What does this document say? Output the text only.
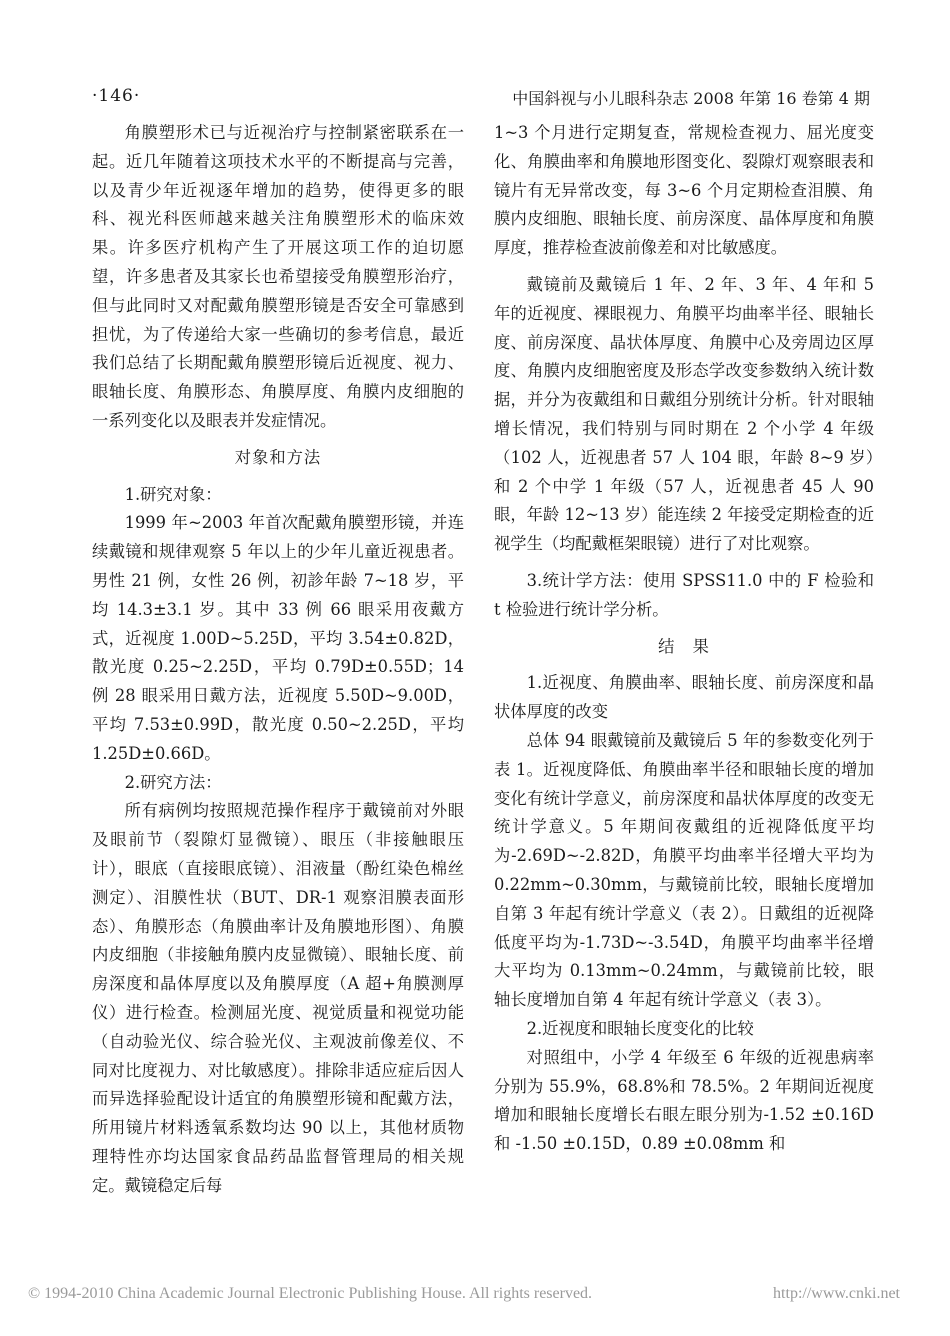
·146·	中国斜视与小儿眼科杂志 2008 年第 16 卷第 4 期

角膜塑形术已与近视治疗与控制紧密联系在一起。近几年随着这项技术水平的不断提高与完善，以及青少年近视逐年增加的趋势，使得更多的眼科、视光科医师越来越关注角膜塑形术的临床效果。许多医疗机构产生了开展这项工作的迫切愿望，许多患者及其家长也希望接受角膜塑形治疗，但与此同时又对配戴角膜塑形镜是否安全可靠感到担忧，为了传递给大家一些确切的参考信息，最近我们总结了长期配戴角膜塑形镜后近视度、视力、眼轴长度、角膜形态、角膜厚度、角膜内皮细胞的一系列变化以及眼表并发症情况。

对象和方法

1.研究对象：

1999 年~2003 年首次配戴角膜塑形镜，并连续戴镜和规律观察 5 年以上的少年儿童近视患者。男性 21 例，女性 26 例，初診年龄 7~18 岁，平均 14.3±3.1 岁。其中 33 例 66 眼采用夜戴方式，近视度 1.00D~5.25D，平均 3.54±0.82D，散光度 0.25~2.25D，平均 0.79D±0.55D；14 例 28 眼采用日戴方法，近视度 5.50D~9.00D，平均 7.53±0.99D，散光度 0.50~2.25D，平均 1.25D±0.66D。

2.研究方法：

所有病例均按照规范操作程序于戴镜前对外眼及眼前节（裂隙灯显微镜）、眼压（非接触眼压计），眼底（直接眼底镜）、泪液量（酚红染色棉丝测定）、泪膜性状（BUT、DR-1 观察泪膜表面形态）、角膜形态（角膜曲率计及角膜地形图）、角膜内皮细胞（非接触角膜内皮显微镜）、眼轴长度、前房深度和晶体厚度以及角膜厚度（A 超+角膜测厚仪）进行检查。检测屈光度、视觉质量和视觉功能（自动验光仪、综合验光仪、主观波前像差仪、不同对比度视力、对比敏感度）。排除非适应症后因人而异选择验配设计适宜的角膜塑形镜和配戴方法，所用镜片材料透氧系数均达 90 以上，其他材质物理特性亦均达国家食品药品监督管理局的相关规定。戴镜稳定后每

1~3 个月进行定期复查，常规检查视力、屈光度变化、角膜曲率和角膜地形图变化、裂隙灯观察眼表和镜片有无异常改变，每 3~6 个月定期检查泪膜、角膜内皮细胞、眼轴长度、前房深度、晶体厚度和角膜厚度，推荐检查波前像差和对比敏感度。

戴镜前及戴镜后 1 年、2 年、3 年、4 年和 5 年的近视度、裸眼视力、角膜平均曲率半径、眼轴长度、前房深度、晶状体厚度、角膜中心及旁周边区厚度、角膜内皮细胞密度及形态学改变参数纳入统计数据，并分为夜戴组和日戴组分别统计分析。针对眼轴增长情况，我们特别与同时期在 2 个小学 4 年级（102 人，近视患者 57 人 104 眼，年龄 8~9 岁）和 2 个中学 1 年级（57 人，近视患者 45 人 90 眼，年龄 12~13 岁）能连续 2 年接受定期检查的近视学生（均配戴框架眼镜）进行了对比观察。

3.统计学方法：使用 SPSS11.0 中的 F 检验和 t 检验进行统计学分析。

结　果

1.近视度、角膜曲率、眼轴长度、前房深度和晶状体厚度的改变

总体 94 眼戴镜前及戴镜后 5 年的参数变化列于表 1。近视度降低、角膜曲率半径和眼轴长度的增加变化有统计学意义，前房深度和晶状体厚度的改变无统计学意义。5 年期间夜戴组的近视降低度平均为-2.69D~-2.82D，角膜平均曲率半径增大平均为 0.22mm~0.30mm，与戴镜前比较，眼轴长度增加自第 3 年起有统计学意义（表 2）。日戴组的近视降低度平均为-1.73D~-3.54D，角膜平均曲率半径增大平均为 0.13mm~0.24mm，与戴镜前比较，眼轴长度增加自第 4 年起有统计学意义（表 3）。

2.近视度和眼轴长度变化的比较

对照组中，小学 4 年级至 6 年级的近视患病率分别为 55.9%，68.8%和 78.5%。2 年期间近视度增加和眼轴长度增长右眼左眼分别为-1.52 ±0.16D 和 -1.50 ±0.15D，0.89 ±0.08mm 和

© 1994-2010 China Academic Journal Electronic Publishing House. All rights reserved.	http://www.cnki.net
